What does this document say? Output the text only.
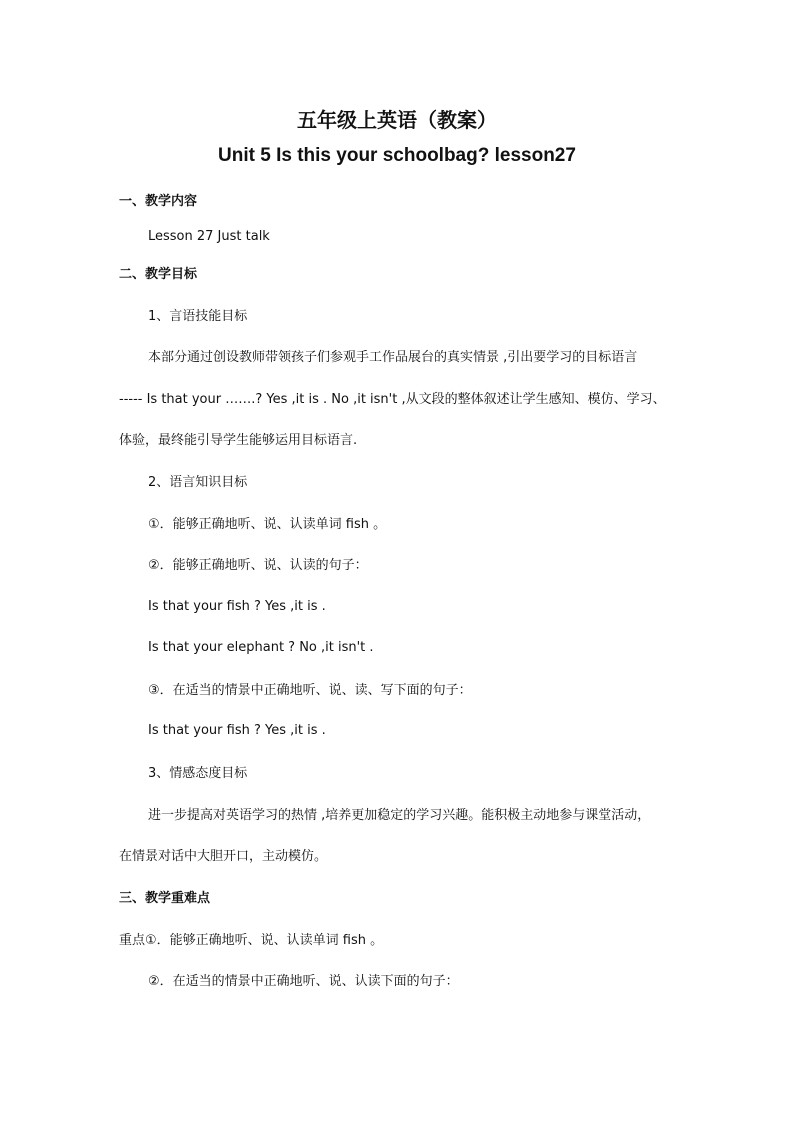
五年级上英语（教案）
Unit 5 Is this your schoolbag? lesson27
一、教学内容
Lesson 27 Just talk
二、教学目标
1、言语技能目标
本部分通过创设教师带领孩子们参观手工作品展台的真实情景 ,引出要学习的目标语言
----- Is that your …….? Yes ,it is . No ,it isn't ,从文段的整体叙述让学生感知、模仿、学习、
体验，最终能引导学生能够运用目标语言.
2、语言知识目标
①．能够正确地听、说、认读单词 fish 。
②．能够正确地听、说、认读的句子：
Is that your fish ? Yes ,it is .
Is that your elephant ? No ,it isn't .
③．在适当的情景中正确地听、说、读、写下面的句子：
Is that your fish ? Yes ,it is .
3、情感态度目标
进一步提高对英语学习的热情 ,培养更加稳定的学习兴趣。能积极主动地参与课堂活动，
在情景对话中大胆开口，主动模仿。
三、教学重难点
重点①．能够正确地听、说、认读单词 fish 。
②．在适当的情景中正确地听、说、认读下面的句子：
